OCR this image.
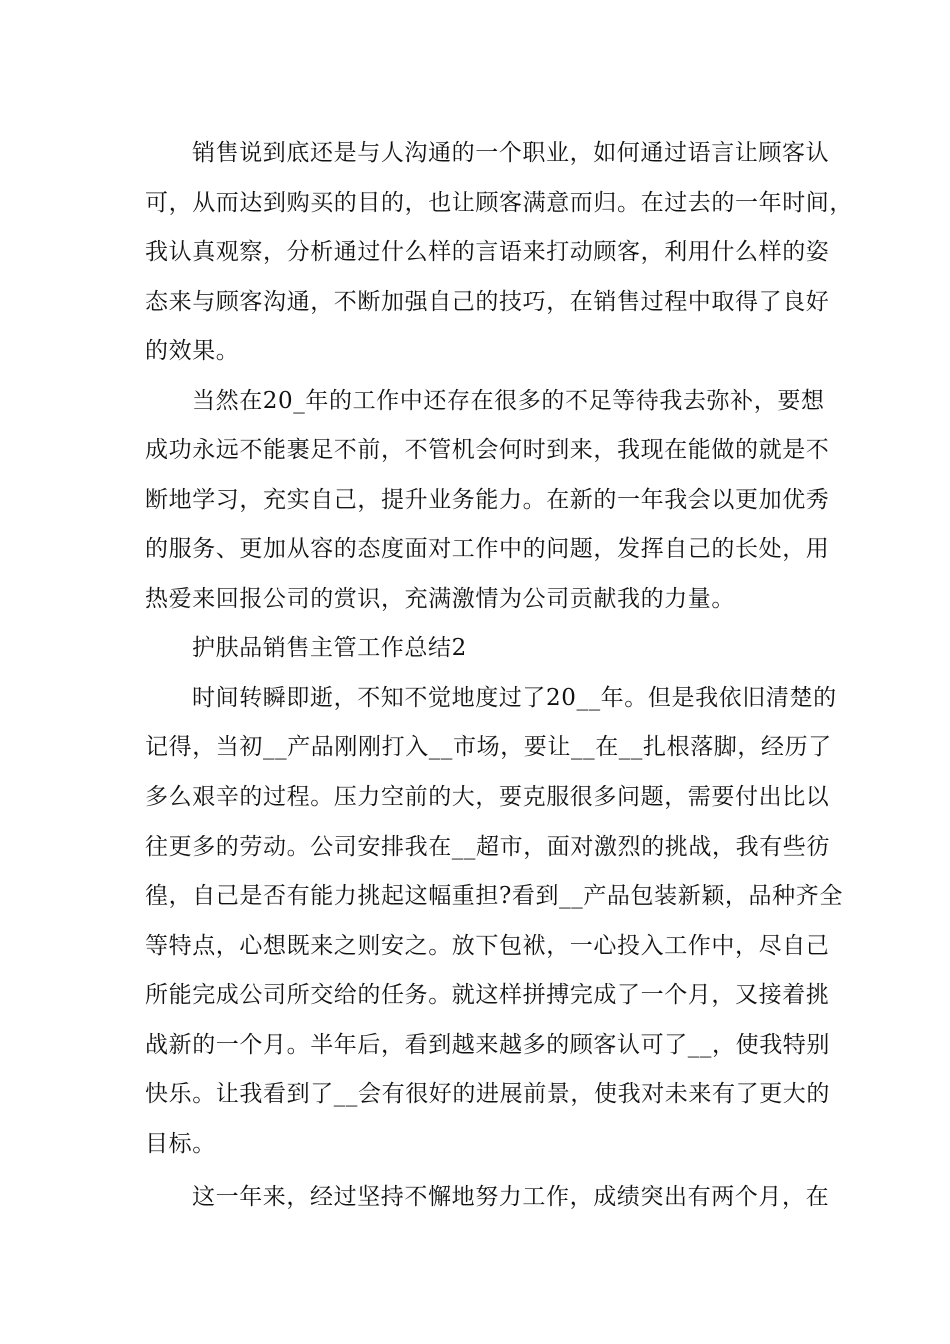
销售说到底还是与人沟通的一个职业，如何通过语言让顾客认
可，从而达到购买的目的，也让顾客满意而归。在过去的一年时间，
我认真观察，分析通过什么样的言语来打动顾客，利用什么样的姿
态来与顾客沟通，不断加强自己的技巧，在销售过程中取得了良好
的效果。
当然在20_年的工作中还存在很多的不足等待我去弥补，要想
成功永远不能裹足不前，不管机会何时到来，我现在能做的就是不
断地学习，充实自己，提升业务能力。在新的一年我会以更加优秀
的服务、更加从容的态度面对工作中的问题，发挥自己的长处，用
热爱来回报公司的赏识，充满激情为公司贡献我的力量。
护肤品销售主管工作总结2
时间转瞬即逝，不知不觉地度过了20__年。但是我依旧清楚的
记得，当初__产品刚刚打入__市场，要让__在__扎根落脚，经历了
多么艰辛的过程。压力空前的大，要克服很多问题，需要付出比以
往更多的劳动。公司安排我在__超市，面对激烈的挑战，我有些彷
徨，自己是否有能力挑起这幅重担?看到__产品包装新颖，品种齐全
等特点，心想既来之则安之。放下包袱，一心投入工作中，尽自己
所能完成公司所交给的任务。就这样拼搏完成了一个月，又接着挑
战新的一个月。半年后，看到越来越多的顾客认可了__，使我特别
快乐。让我看到了__会有很好的进展前景，使我对未来有了更大的
目标。
这一年来，经过坚持不懈地努力工作，成绩突出有两个月，在
